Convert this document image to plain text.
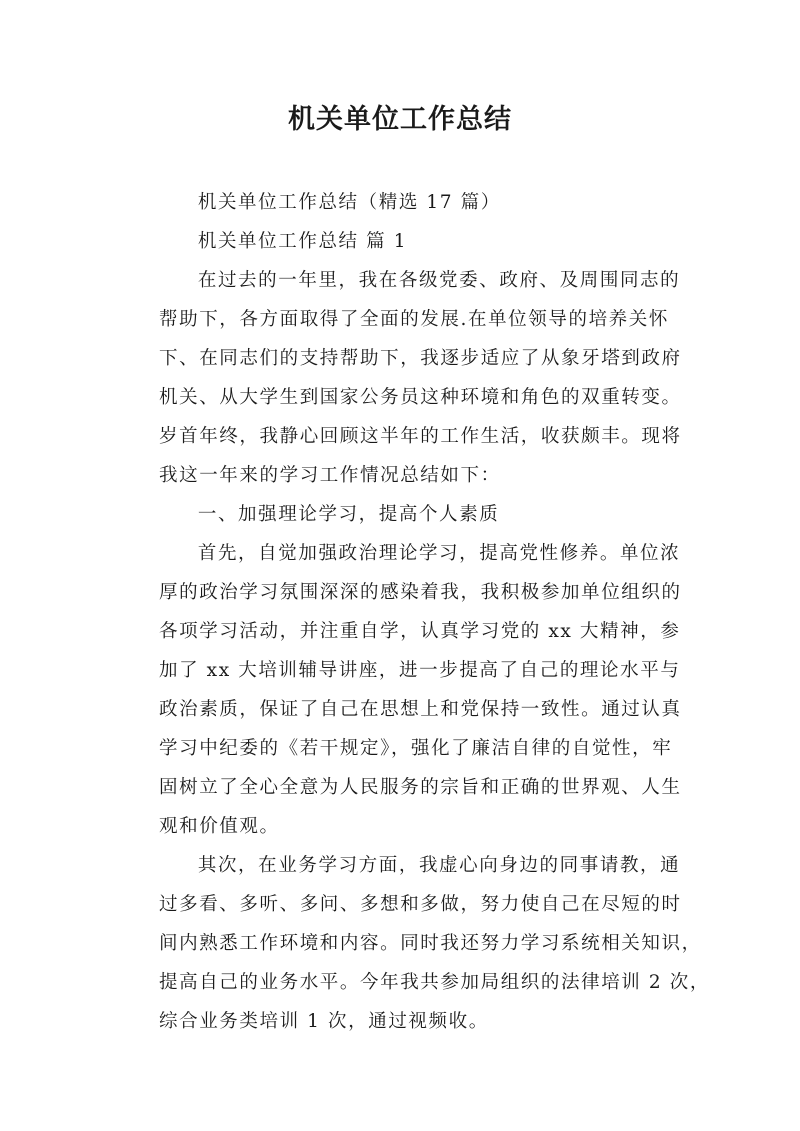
机关单位工作总结
机关单位工作总结（精选 17 篇）
机关单位工作总结 篇 1
在过去的一年里，我在各级党委、政府、及周围同志的
帮助下，各方面取得了全面的发展.在单位领导的培养关怀
下、在同志们的支持帮助下，我逐步适应了从象牙塔到政府
机关、从大学生到国家公务员这种环境和角色的双重转变。
岁首年终，我静心回顾这半年的工作生活，收获颇丰。现将
我这一年来的学习工作情况总结如下：
一、加强理论学习，提高个人素质
首先，自觉加强政治理论学习，提高党性修养。单位浓
厚的政治学习氛围深深的感染着我，我积极参加单位组织的
各项学习活动，并注重自学，认真学习党的 xx 大精神，参
加了 xx 大培训辅导讲座，进一步提高了自己的理论水平与
政治素质，保证了自己在思想上和党保持一致性。通过认真
学习中纪委的《若干规定》，强化了廉洁自律的自觉性，牢
固树立了全心全意为人民服务的宗旨和正确的世界观、人生
观和价值观。
其次，在业务学习方面，我虚心向身边的同事请教，通
过多看、多听、多问、多想和多做，努力使自己在尽短的时
间内熟悉工作环境和内容。同时我还努力学习系统相关知识，
提高自己的业务水平。今年我共参加局组织的法律培训 2 次，
综合业务类培训 1 次，通过视频收。
